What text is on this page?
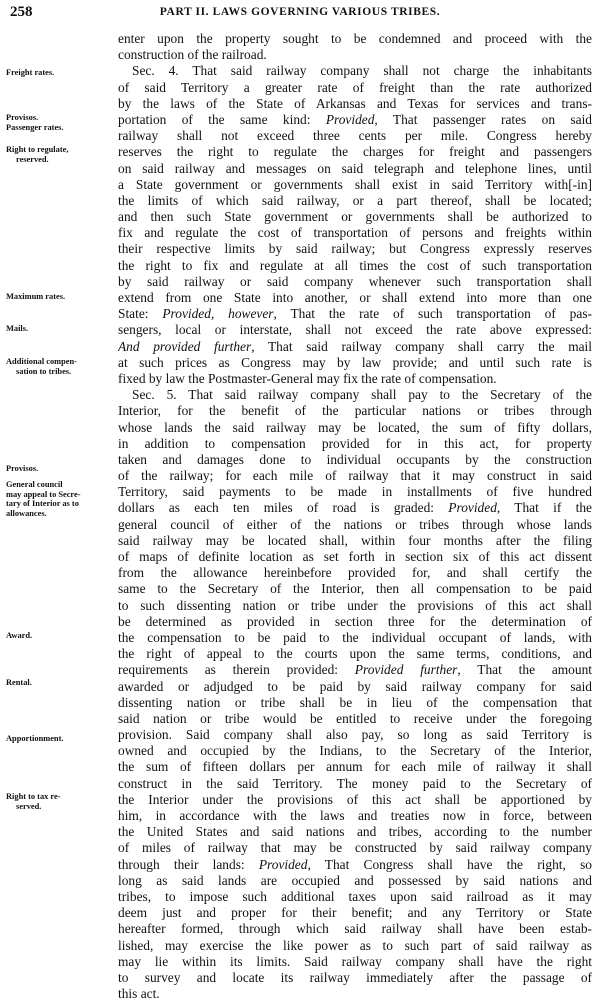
258	PART II. LAWS GOVERNING VARIOUS TRIBES.
Freight rates.
Provisos.
Passenger rates.
Right to regulate,
reserved.
Maximum rates.
Mails.
Additional compen-
sation to tribes.
Provisos.
General council
may appeal to Secre-
tary of Interior as to
allowances.
Award.
Rental.
Apportionment.
Right to tax re-
served.
enter upon the property sought to be condemned and proceed with the
construction of the railroad.
Sec. 4. That said railway company shall not charge the inhabitants
of said Territory a greater rate of freight than the rate authorized
by the laws of the State of Arkansas and Texas for services and trans-
portation of the same kind: Provided, That passenger rates on said
railway shall not exceed three cents per mile. Congress hereby
reserves the right to regulate the charges for freight and passengers
on said railway and messages on said telegraph and telephone lines, until
a State government or governments shall exist in said Territory with[-in]
the limits of which said railway, or a part thereof, shall be located;
and then such State government or governments shall be authorized to
fix and regulate the cost of transportation of persons and freights within
their respective limits by said railway; but Congress expressly reserves
the right to fix and regulate at all times the cost of such transportation
by said railway or said company whenever such transportation shall
extend from one State into another, or shall extend into more than one
State: Provided, however, That the rate of such transportation of pas-
sengers, local or interstate, shall not exceed the rate above expressed:
And provided further, That said railway company shall carry the mail
at such prices as Congress may by law provide; and until such rate is
fixed by law the Postmaster-General may fix the rate of compensation.
Sec. 5. That said railway company shall pay to the Secretary of the
Interior, for the benefit of the particular nations or tribes through
whose lands the said railway may be located, the sum of fifty dollars,
in addition to compensation provided for in this act, for property
taken and damages done to individual occupants by the construction
of the railway; for each mile of railway that it may construct in said
Territory, said payments to be made in installments of five hundred
dollars as each ten miles of road is graded: Provided, That if the
general council of either of the nations or tribes through whose lands
said railway may be located shall, within four months after the filing
of maps of definite location as set forth in section six of this act dissent
from the allowance hereinbefore provided for, and shall certify the
same to the Secretary of the Interior, then all compensation to be paid
to such dissenting nation or tribe under the provisions of this act shall
be determined as provided in section three for the determination of
the compensation to be paid to the individual occupant of lands, with
the right of appeal to the courts upon the same terms, conditions, and
requirements as therein provided: Provided further, That the amount
awarded or adjudged to be paid by said railway company for said
dissenting nation or tribe shall be in lieu of the compensation that
said nation or tribe would be entitled to receive under the foregoing
provision. Said company shall also pay, so long as said Territory is
owned and occupied by the Indians, to the Secretary of the Interior,
the sum of fifteen dollars per annum for each mile of railway it shall
construct in the said Territory. The money paid to the Secretary of
the Interior under the provisions of this act shall be apportioned by
him, in accordance with the laws and treaties now in force, between
the United States and said nations and tribes, according to the number
of miles of railway that may be constructed by said railway company
through their lands: Provided, That Congress shall have the right, so
long as said lands are occupied and possessed by said nations and
tribes, to impose such additional taxes upon said railroad as it may
deem just and proper for their benefit; and any Territory or State
hereafter formed, through which said railway shall have been estab-
lished, may exercise the like power as to such part of said railway as
may lie within its limits. Said railway company shall have the right
to survey and locate its railway immediately after the passage of
this act.
